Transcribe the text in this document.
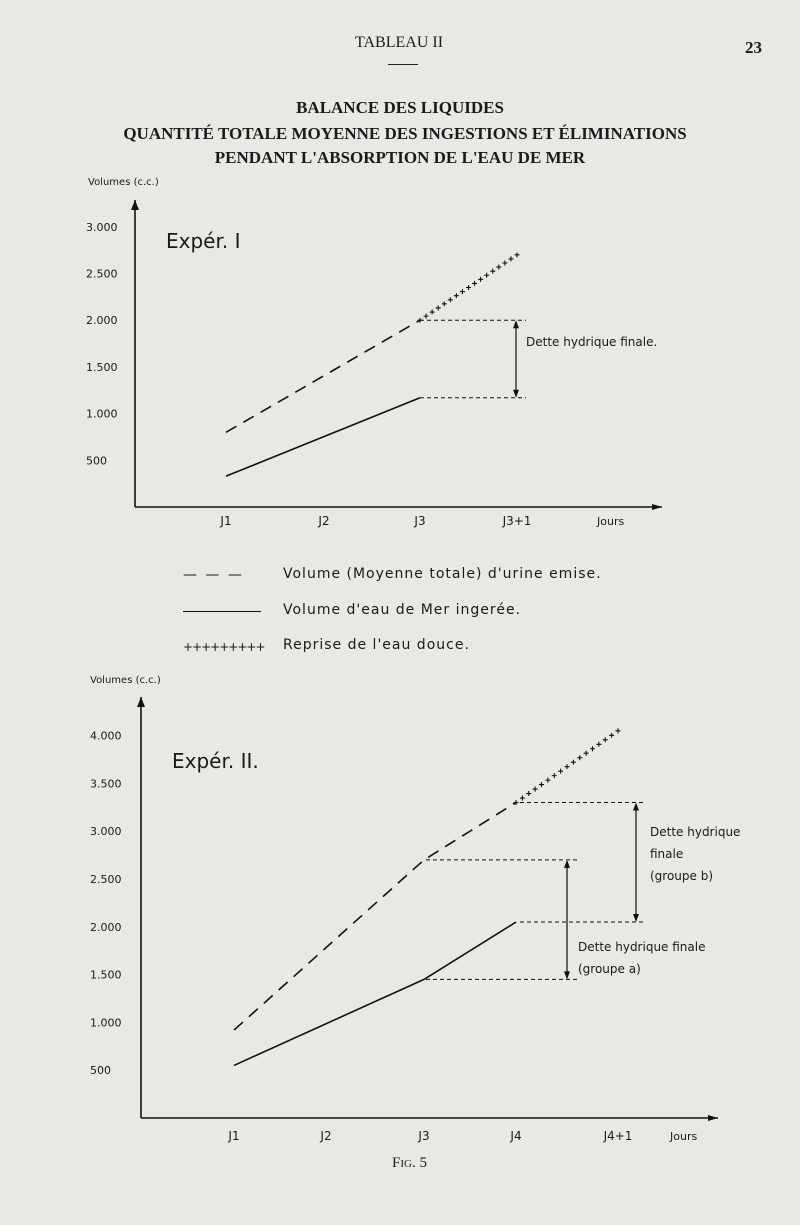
TABLEAU II	23
BALANCE DES LIQUIDES
QUANTITÉ TOTALE MOYENNE DES INGESTIONS ET ÉLIMINATIONS
PENDANT L'ABSORPTION DE L'EAU DE MER
Volumes (c.c.)
500
1.000
1.500
2.000
2.500
3.000
J1	J2	J3	J3+1	Jours
Expér. I
Dette hydrique finale.
Volumes (c.c.)
500
1.000
1.500
2.000
2.500
3.000
3.500
4.000
J1	J2	J3	J4	J4+1	Jours
Expér. II.
Dette hydrique
finale
(groupe b)
Dette hydrique finale
(groupe a)
— — —	Volume (Moyenne totale) d'urine emise.
Volume d'eau de Mer ingerée.
+++++++++ Reprise de l'eau douce.
Fig. 5
